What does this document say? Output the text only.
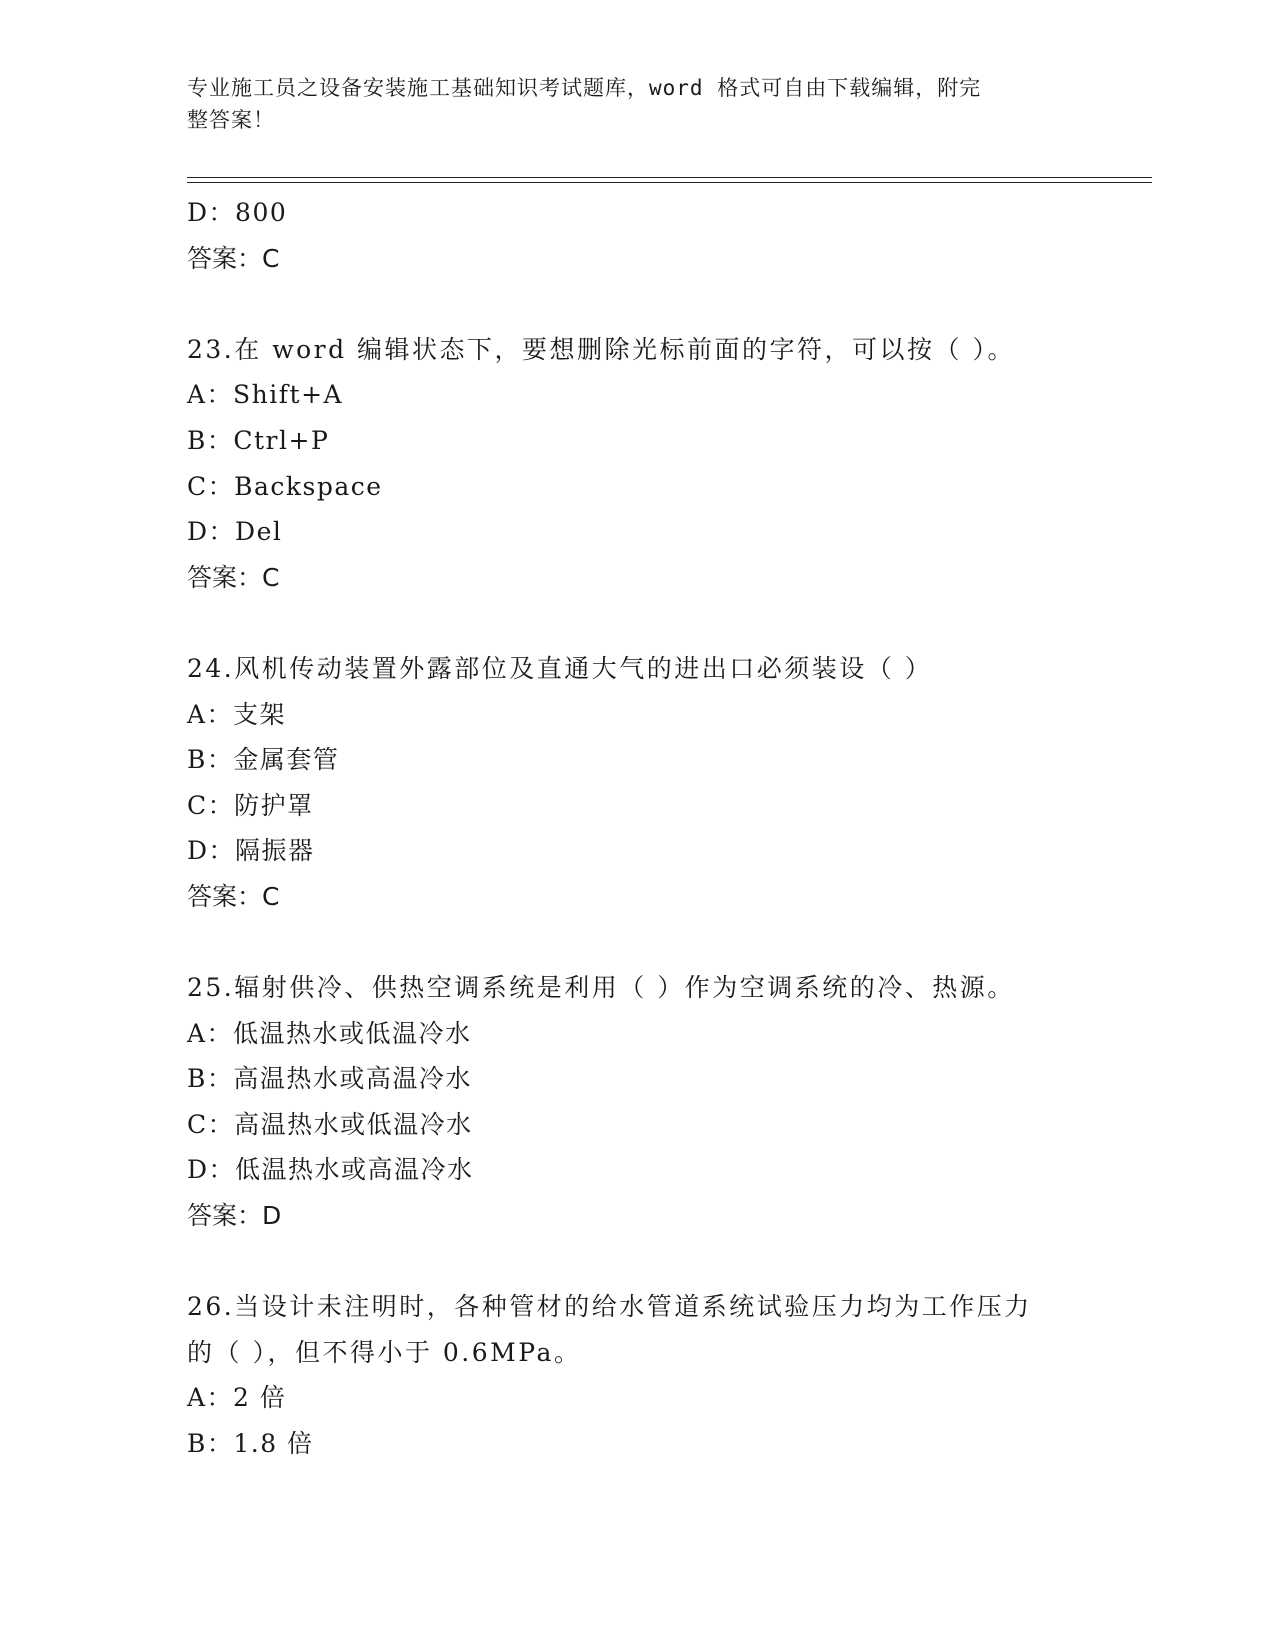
专业施工员之设备安装施工基础知识考试题库，word 格式可自由下载编辑，附完
整答案！
D：800
答案：C
23.在 word 编辑状态下，要想删除光标前面的字符，可以按（ ）。
A：Shift+A
B：Ctrl+P
C：Backspace
D：Del
答案：C
24.风机传动装置外露部位及直通大气的进出口必须装设（ ）
A：支架
B：金属套管
C：防护罩
D：隔振器
答案：C
25.辐射供冷、供热空调系统是利用（ ）作为空调系统的冷、热源。
A：低温热水或低温冷水
B：高温热水或高温冷水
C：高温热水或低温冷水
D：低温热水或高温冷水
答案：D
26.当设计未注明时，各种管材的给水管道系统试验压力均为工作压力
的（ ），但不得小于 0.6MPa。
A：2 倍
B：1.8 倍
